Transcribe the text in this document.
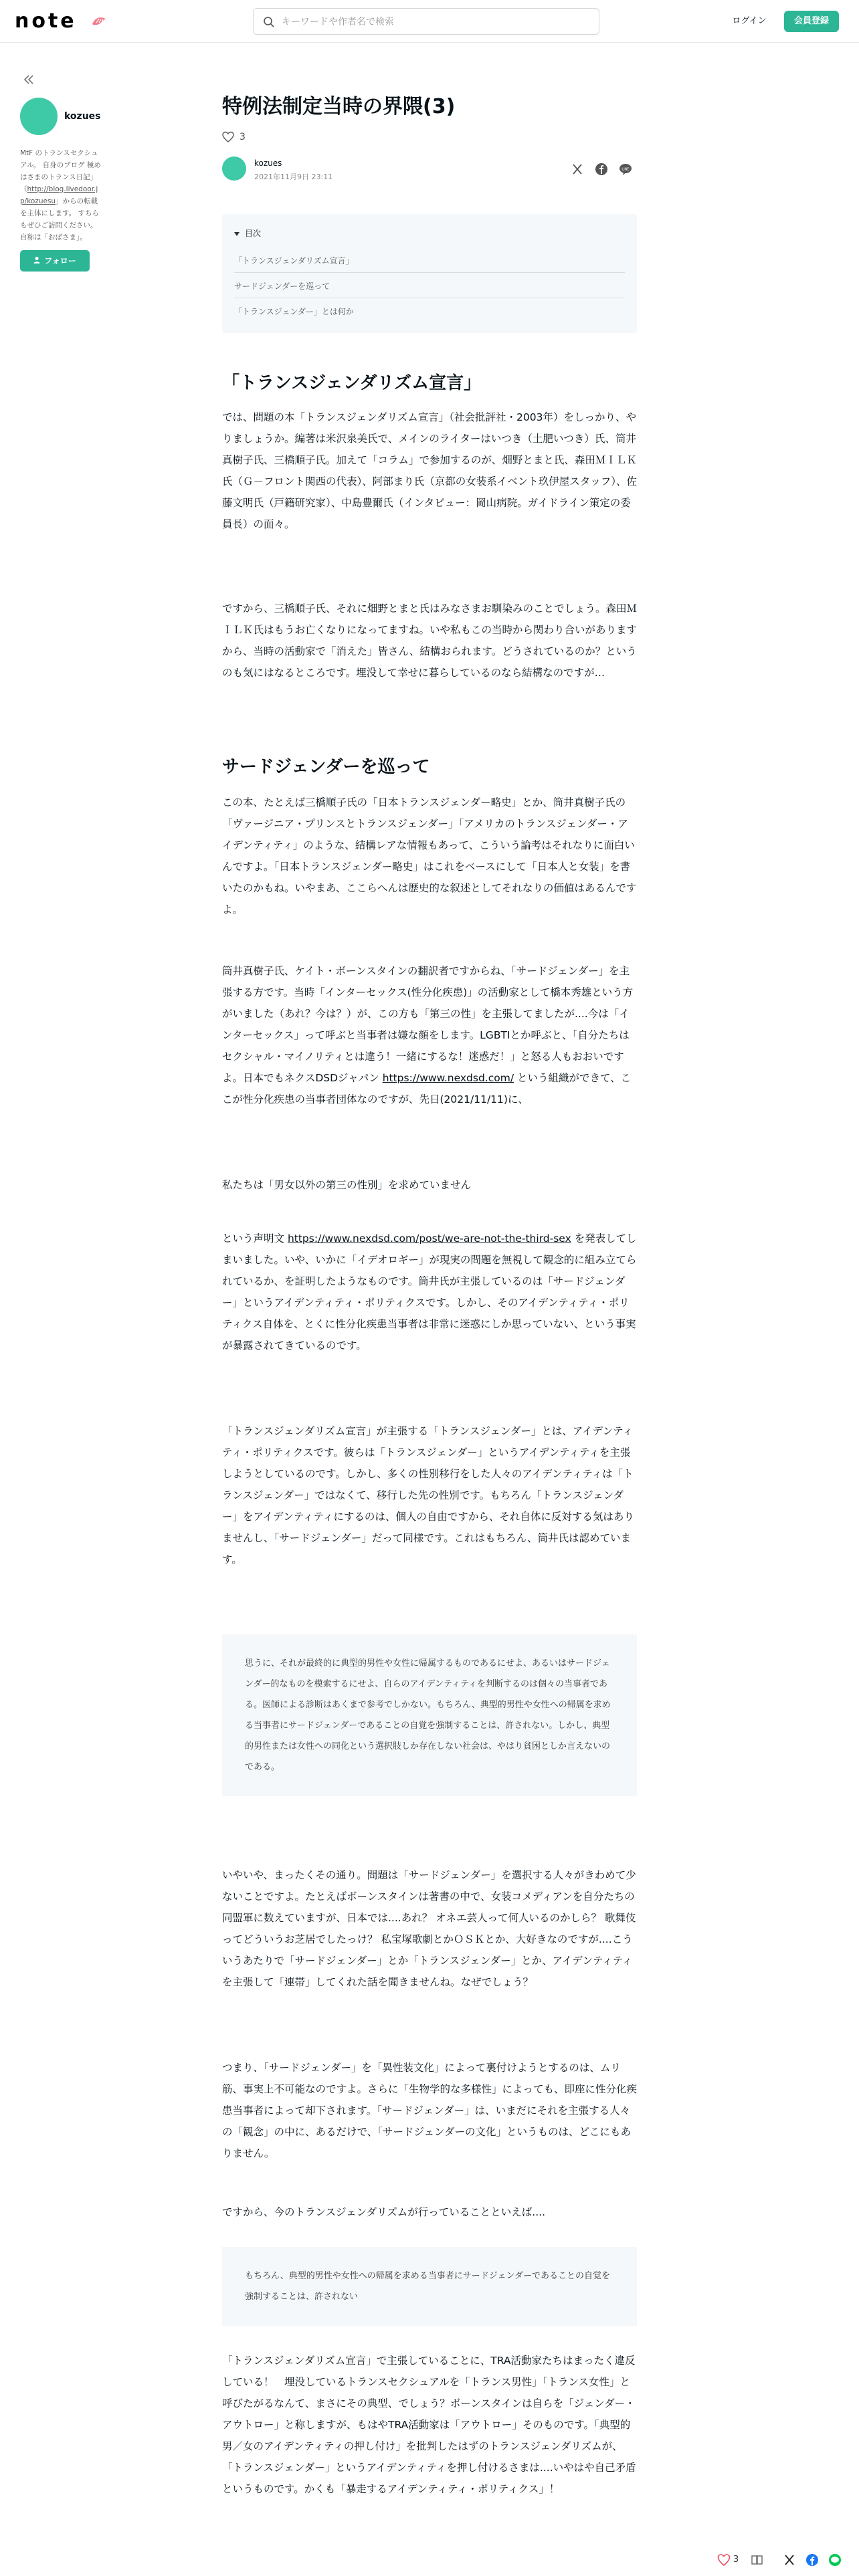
note
キーワードや作者名で検索	ログイン	会員登録
kozues
MtF のトランスセクシュアル。 自身のブログ 極めはさまのトランス日記」（http://blog.livedoor.jp/kozuesu」からの転載を主体にします。 すちらもぜひご訪問ください。 自称は「おばさま」。
フォロー
特例法制定当時の界隈(3)
3
kozues
2021年11月9日 23:11
LINE
目次
「トランスジェンダリズム宣言」
サードジェンダーを巡って
「トランスジェンダー」とは何か
「トランスジェンダリズム宣言」

では、問題の本「トランスジェンダリズム宣言」（社会批評社・2003年）をしっかり、やりましょうか。編著は米沢泉美氏で、メインのライターはいつき（土肥いつき）氏、筒井真樹子氏、三橋順子氏。加えて「コラム」で参加するのが、畑野とまと氏、森田ＭＩＬＫ氏（Ｇ－フロント関西の代表）、阿部まり氏（京都の女装系イベント玖伊屋スタッフ）、佐藤文明氏（戸籍研究家）、中島豊爾氏（インタビュー：岡山病院。ガイドライン策定の委員長）の面々。

ですから、三橋順子氏、それに畑野とまと氏はみなさまお馴染みのことでしょう。森田ＭＩＬＫ氏はもうお亡くなりになってますね。いや私もこの当時から関わり合いがありますから、当時の活動家で「消えた」皆さん、結構おられます。どうされているのか？というのも気にはなるところです。埋没して幸せに暮らしているのなら結構なのですが…

サードジェンダーを巡って

この本、たとえば三橋順子氏の「日本トランスジェンダー略史」とか、筒井真樹子氏の「ヴァージニア・プリンスとトランスジェンダー」「アメリカのトランスジェンダー・アイデンティティ」のような、結構レアな情報もあって、こういう論考はそれなりに面白いんですよ。「日本トランスジェンダー略史」はこれをベースにして「日本人と女装」を書いたのかもね。いやまあ、ここらへんは歴史的な叙述としてそれなりの価値はあるんですよ。

筒井真樹子氏、ケイト・ボーンスタインの翻訳者ですからね、「サードジェンダー」を主張する方です。当時「インターセックス(性分化疾患)」の活動家として橋本秀雄という方がいました（あれ？今は？）が、この方も「第三の性」を主張してましたが....今は「インターセックス」って呼ぶと当事者は嫌な顔をします。LGBTIとか呼ぶと、「自分たちはセクシャル・マイノリティとは違う！一緒にするな！迷惑だ！」と怒る人もおおいですよ。日本でもネクスDSDジャパン https://www.nexdsd.com/ という組織ができて、ここが性分化疾患の当事者団体なのですが、先日(2021/11/11)に、

私たちは「男女以外の第三の性別」を求めていません

という声明文 https://www.nexdsd.com/post/we-are-not-the-third-sex を発表してしまいました。いや、いかに「イデオロギー」が現実の問題を無視して観念的に組み立てられているか、を証明したようなものです。筒井氏が主張しているのは「サードジェンダー」というアイデンティティ・ポリティクスです。しかし、そのアイデンティティ・ポリティクス自体を、とくに性分化疾患当事者は非常に迷惑にしか思っていない、という事実が暴露されてきているのです。

「トランスジェンダリズム宣言」が主張する「トランスジェンダー」とは、アイデンティティ・ポリティクスです。彼らは「トランスジェンダー」というアイデンティティを主張しようとしているのです。しかし、多くの性別移行をした人々のアイデンティティは「トランスジェンダー」ではなくて、移行した先の性別です。もちろん「トランスジェンダー」をアイデンティティにするのは、個人の自由ですから、それ自体に反対する気はありませんし、「サードジェンダー」だって同様です。これはもちろん、筒井氏は認めています。

思うに、それが最終的に典型的男性や女性に帰属するものであるにせよ、あるいはサードジェンダー的なものを模索するにせよ、自らのアイデンティティを判断するのは個々の当事者である。医師による診断はあくまで参考でしかない。もちろん、典型的男性や女性への帰属を求める当事者にサードジェンダーであることの自覚を強制することは、許されない。しかし、典型的男性または女性への同化という選択肢しか存在しない社会は、やはり貧困としか言えないのである。

いやいや、まったくその通り。問題は「サードジェンダー」を選択する人々がきわめて少ないことですよ。たとえばボーンスタインは著書の中で、女装コメディアンを自分たちの同盟軍に数えていますが、日本では....あれ？ オネエ芸人って何人いるのかしら？ 歌舞伎ってどういうお芝居でしたっけ？ 私宝塚歌劇とかＯＳＫとか、大好きなのですが....こういうあたりで「サードジェンダー」とか「トランスジェンダー」とか、アイデンティティを主張して「連帯」してくれた話を聞きませんね。なぜでしょう？

つまり、「サードジェンダー」を「異性装文化」によって裏付けようとするのは、ムリ筋、事実上不可能なのですよ。さらに「生物学的な多様性」によっても、即座に性分化疾患当事者によって却下されます。「サードジェンダー」は、いまだにそれを主張する人々の「観念」の中に、あるだけで、「サードジェンダーの文化」というものは、どこにもありません。

ですから、今のトランスジェンダリズムが行っていることといえば....

もちろん、典型的男性や女性への帰属を求める当事者にサードジェンダーであることの自覚を強制することは、許されない

「トランスジェンダリズム宣言」で主張していることに、TRA活動家たちはまったく違反している！　埋没しているトランスセクシュアルを「トランス男性」「トランス女性」と呼びたがるなんて、まさにその典型、でしょう？ボーンスタインは自らを「ジェンダー・アウトロー」と称しますが、もはやTRA活動家は「アウトロー」そのものです。「典型的男／女のアイデンティティの押し付け」を批判したはずのトランスジェンダリズムが、「トランスジェンダー」というアイデンティティを押し付けるさまは....いやはや自己矛盾というものです。かくも「暴走するアイデンティティ・ポリティクス」！

3
